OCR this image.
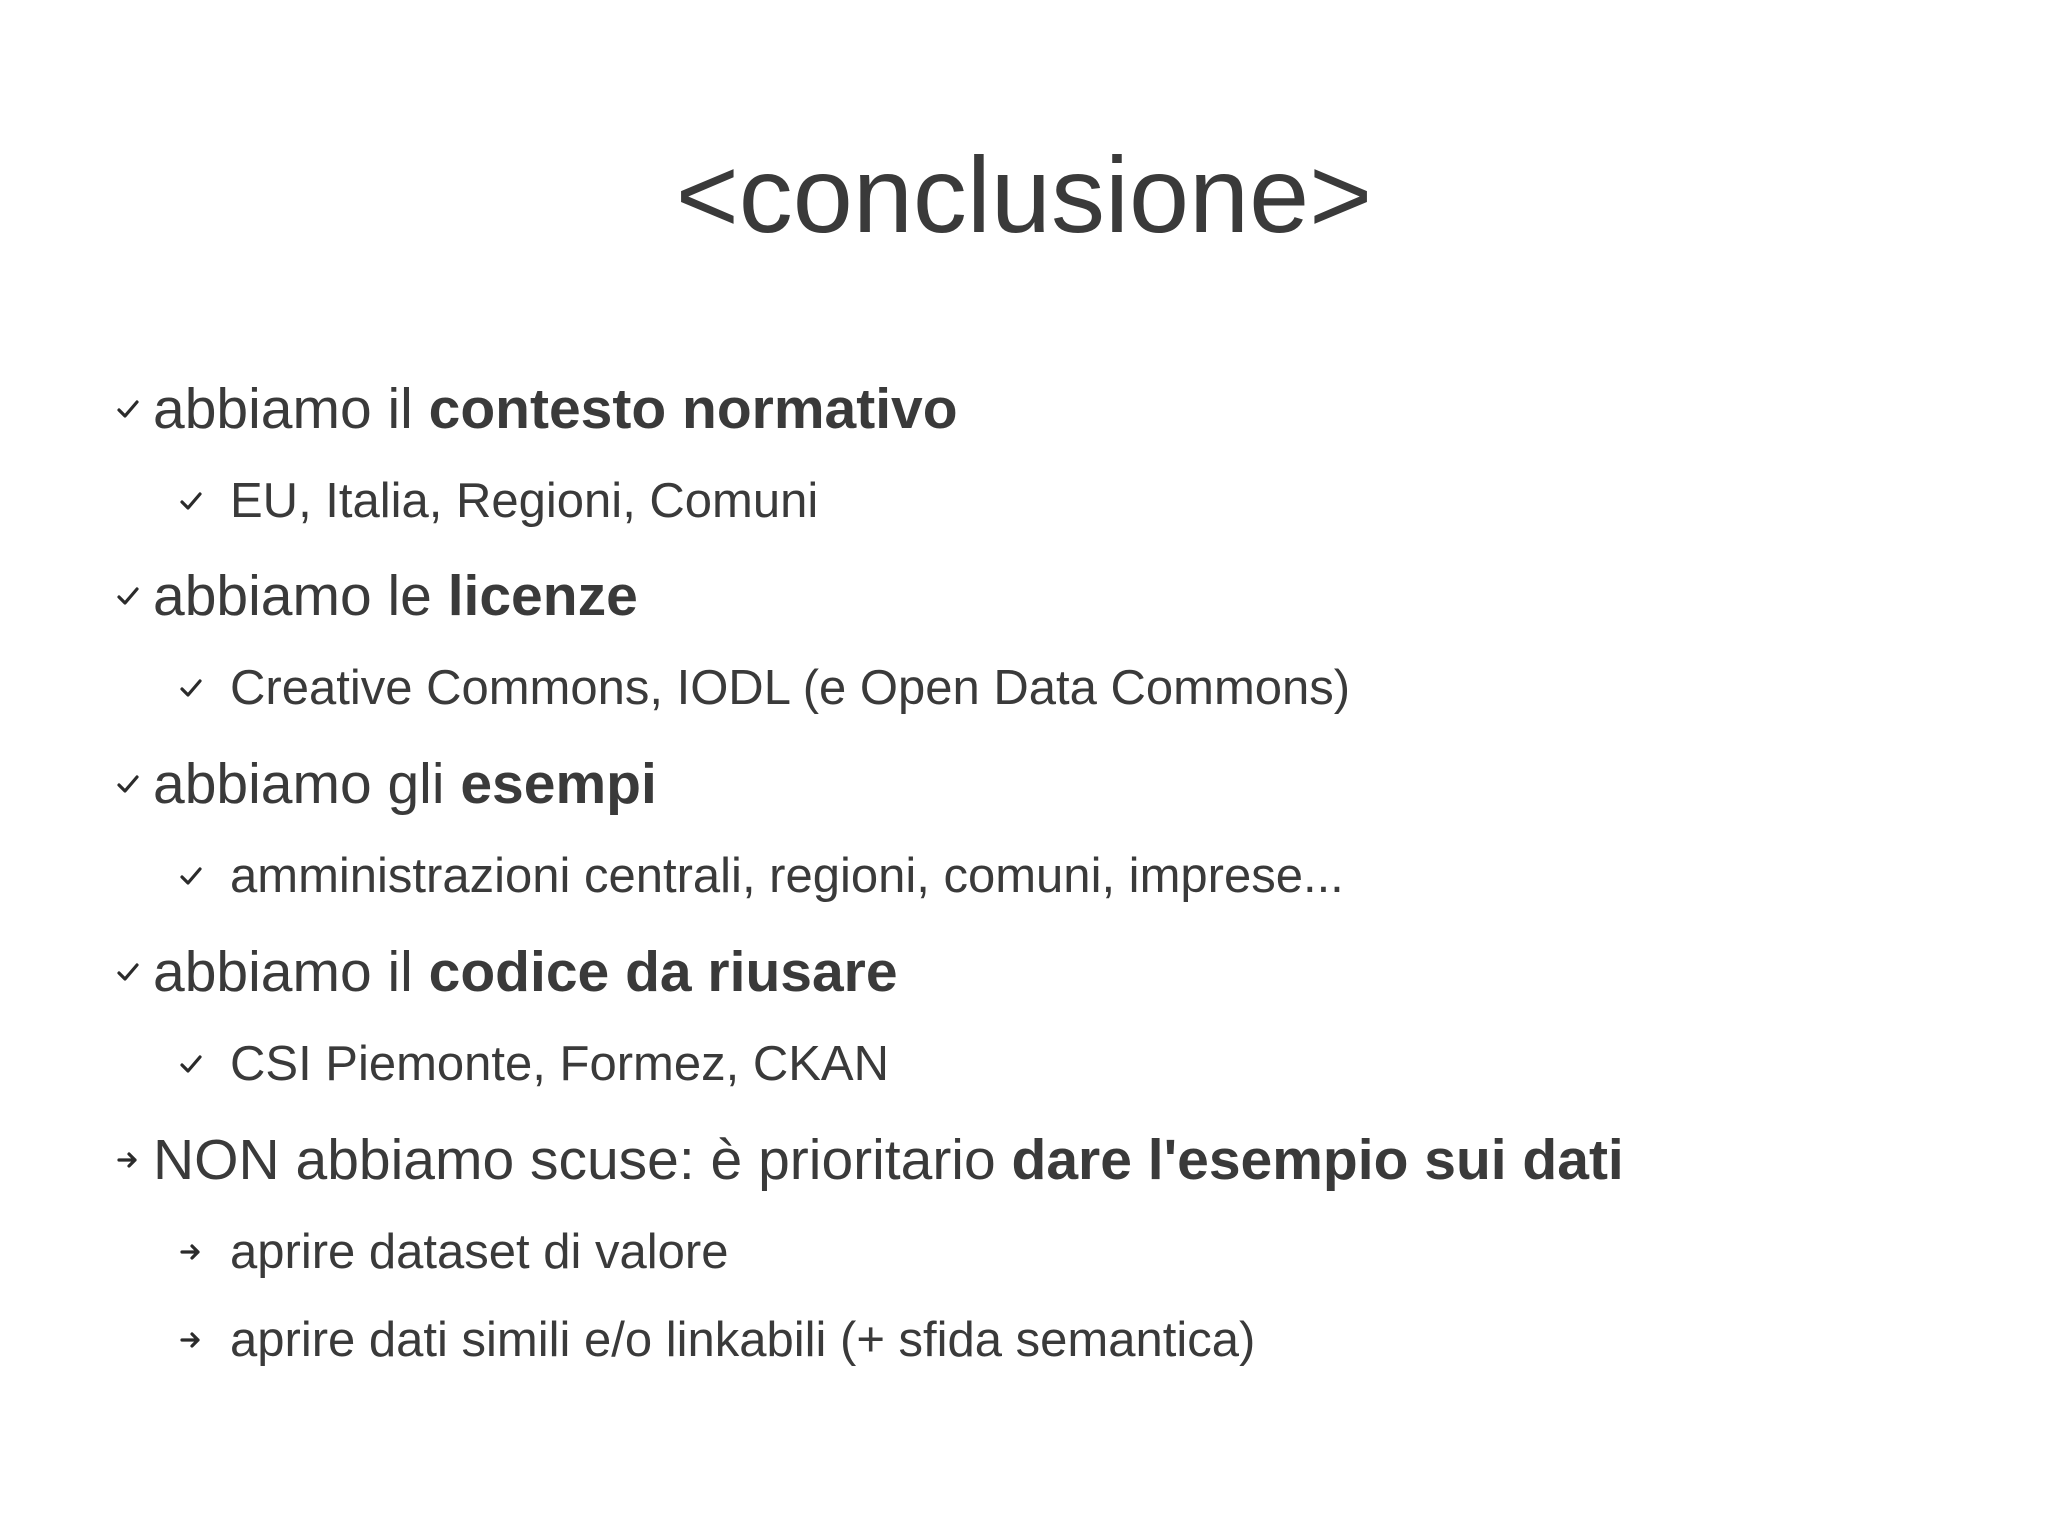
<conclusione>
abbiamo il contesto normativo
EU, Italia, Regioni, Comuni
abbiamo le licenze
Creative Commons, IODL (e Open Data Commons)
abbiamo gli esempi
amministrazioni centrali, regioni, comuni, imprese...
abbiamo il codice da riusare
CSI Piemonte, Formez, CKAN
NON abbiamo scuse: è prioritario dare l'esempio sui dati
aprire dataset di valore
aprire dati simili e/o linkabili (+ sfida semantica)
